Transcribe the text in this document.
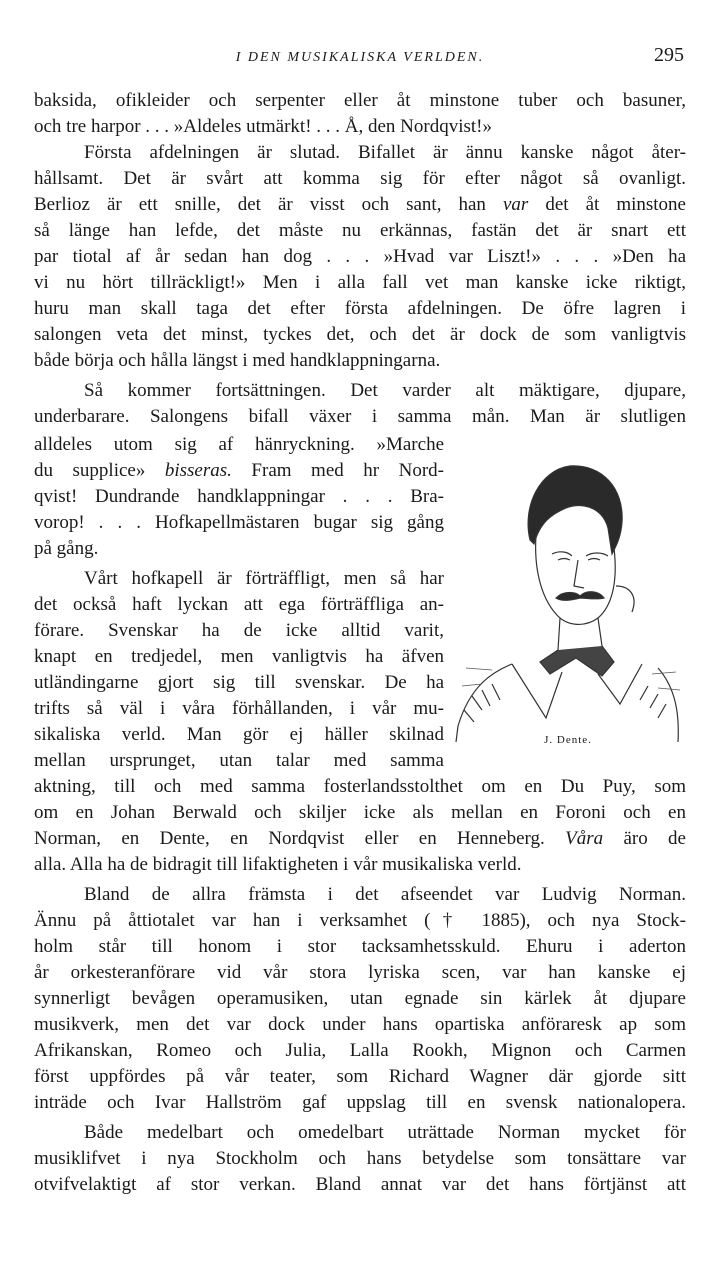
I DEN MUSIKALISKA VERLDEN.	295
baksida, ofikleider och serpenter eller åt minstone tuber och basuner,
och tre harpor . . . »Aldeles utmärkt! . . . Å, den Nordqvist!»
Första afdelningen är slutad. Bifallet är ännu kanske något åter-
hållsamt. Det är svårt att komma sig för efter något så ovanligt.
Berlioz är ett snille, det är visst och sant, han var det åt minstone
så länge han lefde, det måste nu erkännas, fastän det är snart ett
par tiotal af år sedan han dog . . . »Hvad var Liszt!» . . . »Den ha
vi nu hört tillräckligt!» Men i alla fall vet man kanske icke riktigt,
huru man skall taga det efter första afdelningen. De öfre lagren i
salongen veta det minst, tyckes det, och det är dock de som vanligtvis
både börja och hålla längst i med handklappningarna.
Så kommer fortsättningen. Det varder alt mäktigare, djupare,
underbarare. Salongens bifall växer i samma mån. Man är slutligen
alldeles utom sig af hänryckning. »Marche
du supplice» bisseras. Fram med hr Nord-
qvist! Dundrande handklappningar . . . Bra-
vorop! . . . Hofkapellmästaren bugar sig gång
på gång.
Vårt hofkapell är förträffligt, men så har
det också haft lyckan att ega förträffliga an-
förare. Svenskar ha de icke alltid varit,
knapt en tredjedel, men vanligtvis ha äfven
utländingarne gjort sig till svenskar. De ha
trifts så väl i våra förhållanden, i vår mu-
sikaliska verld. Man gör ej häller skilnad
mellan ursprunget, utan talar med samma
aktning, till och med samma fosterlandsstolthet om en Du Puy, som
om en Johan Berwald och skiljer icke als mellan en Foroni och en
Norman, en Dente, en Nordqvist eller en Henneberg. Våra äro de
alla. Alla ha de bidragit till lifaktigheten i vår musikaliska verld.
Bland de allra främsta i det afseendet var Ludvig Norman.
Ännu på åttiotalet var han i verksamhet († 1885), och nya Stock-
holm står till honom i stor tacksamhetsskuld. Ehuru i aderton
år orkesteranförare vid vår stora lyriska scen, var han kanske ej
synnerligt bevågen operamusiken, utan egnade sin kärlek åt djupare
musikverk, men det var dock under hans opartiska anföraresk ap som
Afrikanskan, Romeo och Julia, Lalla Rookh, Mignon och Carmen
först uppfördes på vår teater, som Richard Wagner där gjorde sitt
inträde och Ivar Hallström gaf uppslag till en svensk nationalopera.
Både medelbart och omedelbart uträttade Norman mycket för
musiklifvet i nya Stockholm och hans betydelse som tonsättare var
otvifvelaktigt af stor verkan. Bland annat var det hans förtjänst att
J. Dente.
